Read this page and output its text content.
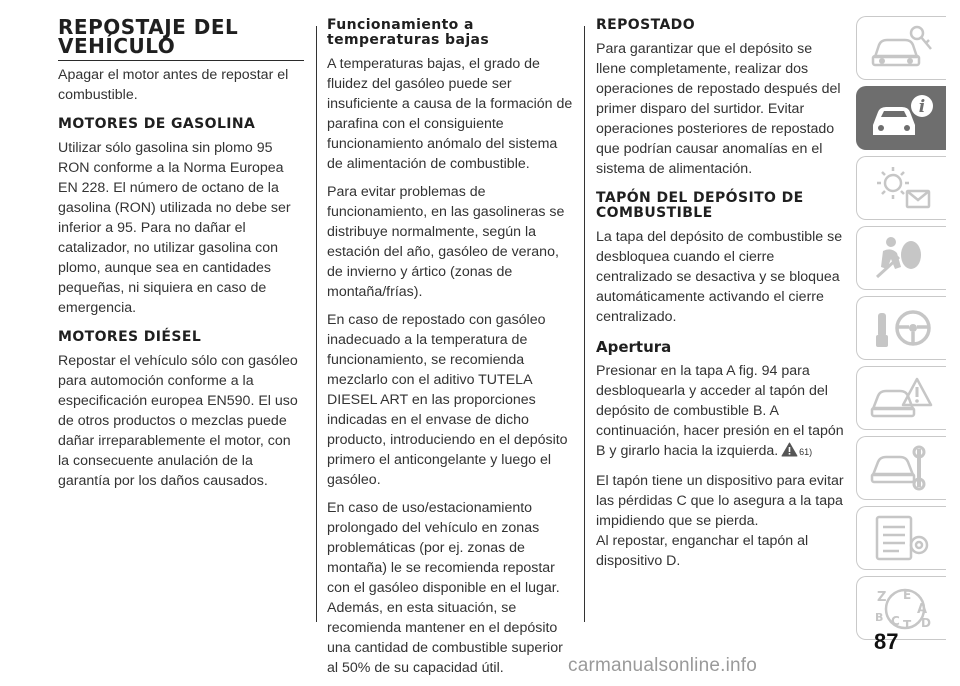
REPOSTAJE DEL VEHÍCULO

Apagar el motor antes de repostar el combustible.

MOTORES DE GASOLINA

Utilizar sólo gasolina sin plomo 95 RON conforme a la Norma Europea EN 228. El número de octano de la gasolina (RON) utilizada no debe ser inferior a 95. Para no dañar el catalizador, no utilizar gasolina con plomo, aunque sea en cantidades pequeñas, ni siquiera en caso de emergencia.

MOTORES DIÉSEL

Repostar el vehículo sólo con gasóleo para automoción conforme a la especificación europea EN590. El uso de otros productos o mezclas puede dañar irreparablemente el motor, con la consecuente anulación de la garantía por los daños causados.

Funcionamiento a temperaturas bajas

A temperaturas bajas, el grado de fluidez del gasóleo puede ser insuficiente a causa de la formación de parafina con el consiguiente funcionamiento anómalo del sistema de alimentación de combustible.

Para evitar problemas de funcionamiento, en las gasolineras se distribuye normalmente, según la estación del año, gasóleo de verano, de invierno y ártico (zonas de montaña/frías).

En caso de repostado con gasóleo inadecuado a la temperatura de funcionamiento, se recomienda mezclarlo con el aditivo TUTELA DIESEL ART en las proporciones indicadas en el envase de dicho producto, introduciendo en el depósito primero el anticongelante y luego el gasóleo.

En caso de uso/estacionamiento prolongado del vehículo en zonas problemáticas (por ej. zonas de montaña) le se recomienda repostar con el gasóleo disponible en el lugar. Además, en esta situación, se recomienda mantener en el depósito una cantidad de combustible superior al 50% de su capacidad útil.

REPOSTADO

Para garantizar que el depósito se llene completamente, realizar dos operaciones de repostado después del primer disparo del surtidor. Evitar operaciones posteriores de repostado que podrían causar anomalías en el sistema de alimentación.

TAPÓN DEL DEPÓSITO DE COMBUSTIBLE

La tapa del depósito de combustible se desbloquea cuando el cierre centralizado se desactiva y se bloquea automáticamente activando el cierre centralizado.

Apertura

Presionar en la tapa A fig. 94 para desbloquearla y acceder al tapón del depósito de combustible B. A continuación, hacer presión en el tapón B y girarlo hacia la izquierda. 61)

El tapón tiene un dispositivo para evitar las pérdidas C que lo asegura a la tapa impidiendo que se pierda.

Al repostar, enganchar el tapón al dispositivo D.

i
Z E
A
B C T D
87
carmanualsonline.info
